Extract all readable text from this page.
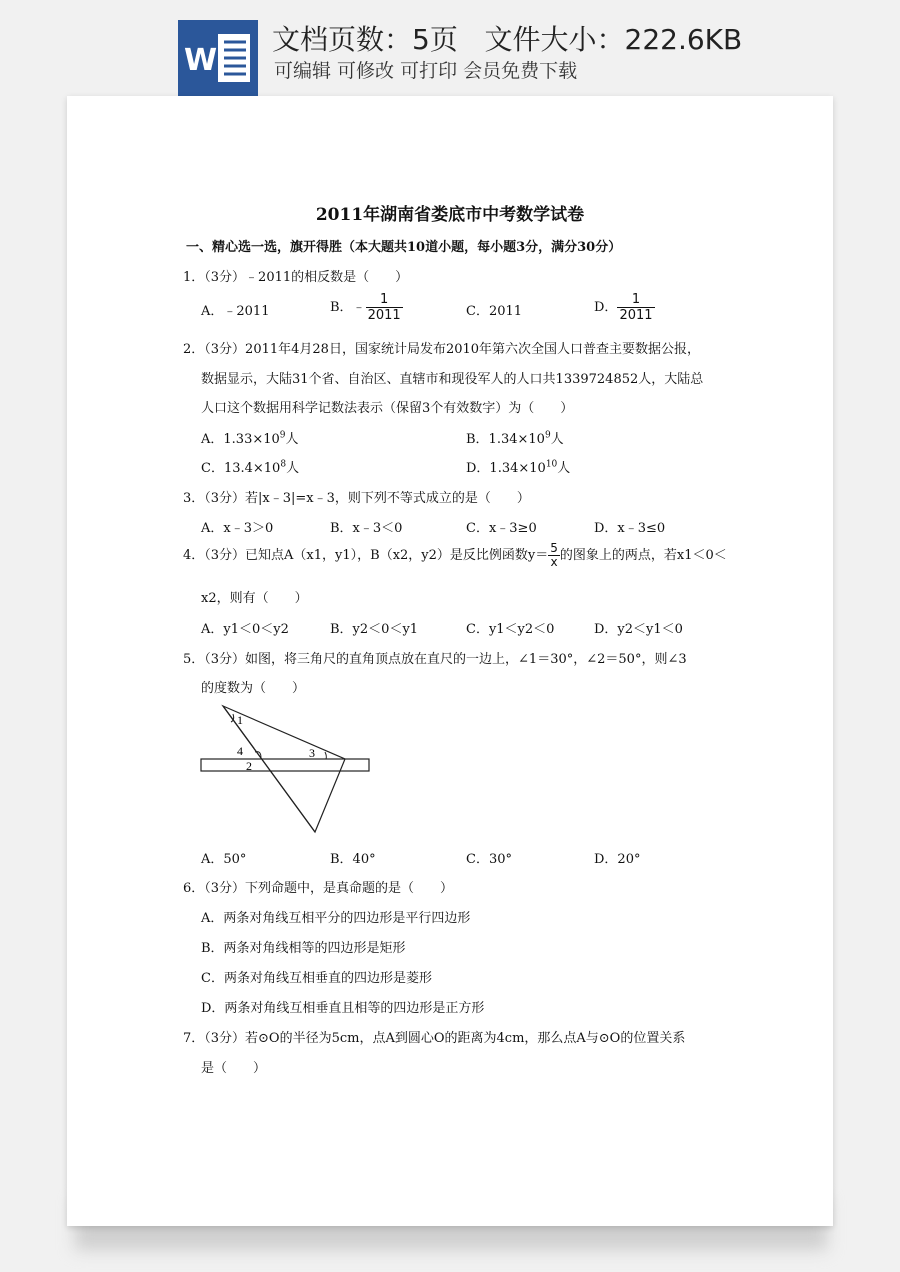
W
文档页数：5页   文件大小：222.6KB
可编辑 可修改 可打印 会员免费下载
2011年湖南省娄底市中考数学试卷
一、精心选一选，旗开得胜（本大题共10道小题，每小题3分，满分30分）
1．（3分）﹣2011的相反数是（　　）
A．﹣2011	B．﹣ $\frac{1}{2011}$	C．2011	D． $\frac{1}{2011}$
2．（3分）2011年4月28日，国家统计局发布2010年第六次全国人口普查主要数据公报，
数据显示，大陆31个省、自治区、直辖市和现役军人的人口共1339724852人，大陆总
人口这个数据用科学记数法表示（保留3个有效数字）为（　　）
A．$1.33\times 10^9$人	B．$1.34\times 10^9$人
C．$13.4\times 10^8$人	D．$1.34\times 10^{10}$人
3．（3分）若|x﹣3|=x﹣3，则下列不等式成立的是（　　）
A．x﹣3＞0	B．x﹣3＜0	C．x﹣3≥0	D．x﹣3≤0
4．（3分）已知点A（x1，y1），B（x2，y2）是反比例函数$y= \frac{5}{x}$ 的图象上的两点，若x1＜0＜
x2，则有（　　）
A．y1＜0＜y2	B．y2＜0＜y1	C．y1＜y2＜0	D．y2＜y1＜0
5．（3分）如图，将三角尺的直角顶点放在直尺的一边上，∠1＝30°，∠2＝50°，则∠3
的度数为（　　）
1
4
2
3
A．50°	B．40°	C．30°	D．20°
6．（3分）下列命题中，是真命题的是（　　）
A．两条对角线互相平分的四边形是平行四边形
B．两条对角线相等的四边形是矩形
C．两条对角线互相垂直的四边形是菱形
D．两条对角线互相垂直且相等的四边形是正方形
7．（3分）若⊙O的半径为5cm，点A到圆心O的距离为4cm，那么点A与⊙O的位置关系
是（　　）
